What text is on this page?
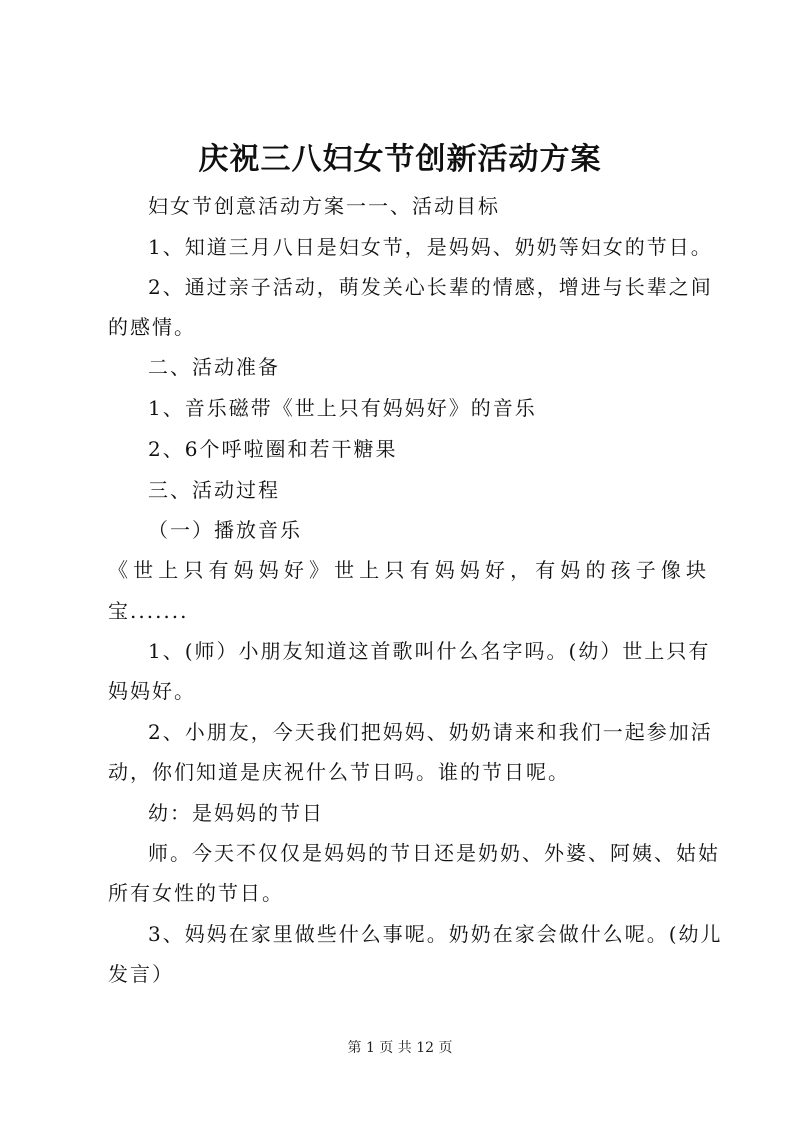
庆祝三八妇女节创新活动方案
妇女节创意活动方案一一、活动目标
1、知道三月八日是妇女节，是妈妈、奶奶等妇女的节日。
2、通过亲子活动，萌发关心长辈的情感，增进与长辈之间
的感情。
二、活动准备
1、音乐磁带《世上只有妈妈好》的音乐
2、6个呼啦圈和若干糖果
三、活动过程
（一）播放音乐
《世上只有妈妈好》世上只有妈妈好，有妈的孩子像块
宝.......
1、(师）小朋友知道这首歌叫什么名字吗。(幼）世上只有
妈妈好。
2、小朋友，今天我们把妈妈、奶奶请来和我们一起参加活
动，你们知道是庆祝什么节日吗。谁的节日呢。
幼：是妈妈的节日
师。今天不仅仅是妈妈的节日还是奶奶、外婆、阿姨、姑姑
所有女性的节日。
3、妈妈在家里做些什么事呢。奶奶在家会做什么呢。(幼儿
发言）
第 1 页 共 12 页
